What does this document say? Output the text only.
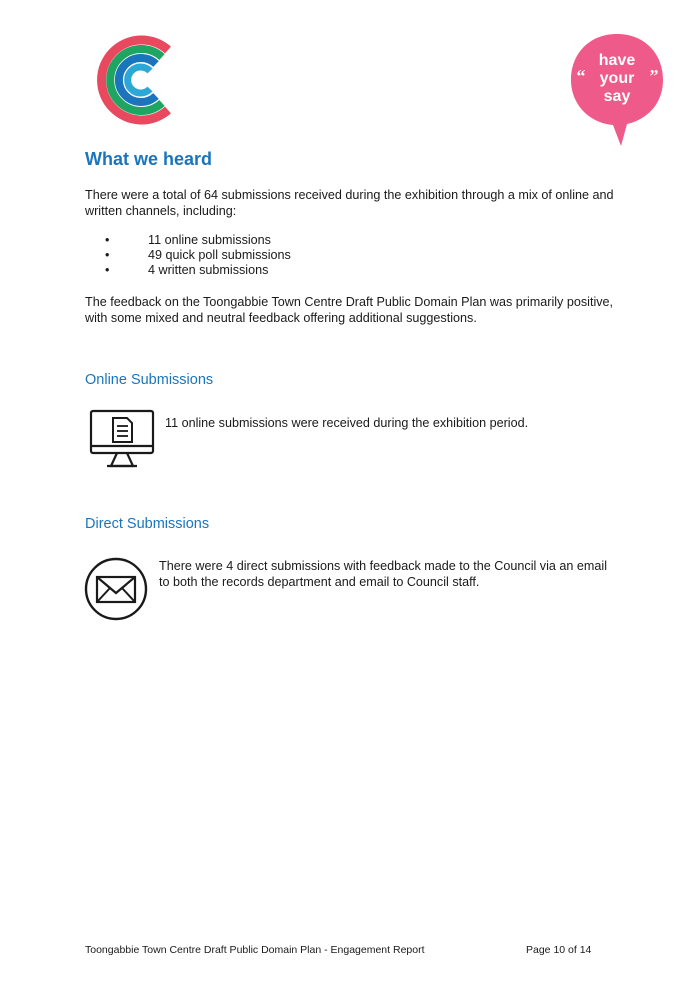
have
your
say
“	”
What we heard

There were a total of 64 submissions received during the exhibition through a mix of online and written channels, including:

•	11 online submissions
•	49 quick poll submissions
•	4 written submissions

The feedback on the Toongabbie Town Centre Draft Public Domain Plan was primarily positive, with some mixed and neutral feedback offering additional suggestions.

Online Submissions

11 online submissions were received during the exhibition period.

Direct Submissions

There were 4 direct submissions with feedback made to the Council via an email to both the records department and email to Council staff.

Toongabbie Town Centre Draft Public Domain Plan - Engagement Report	Page 10 of 14
